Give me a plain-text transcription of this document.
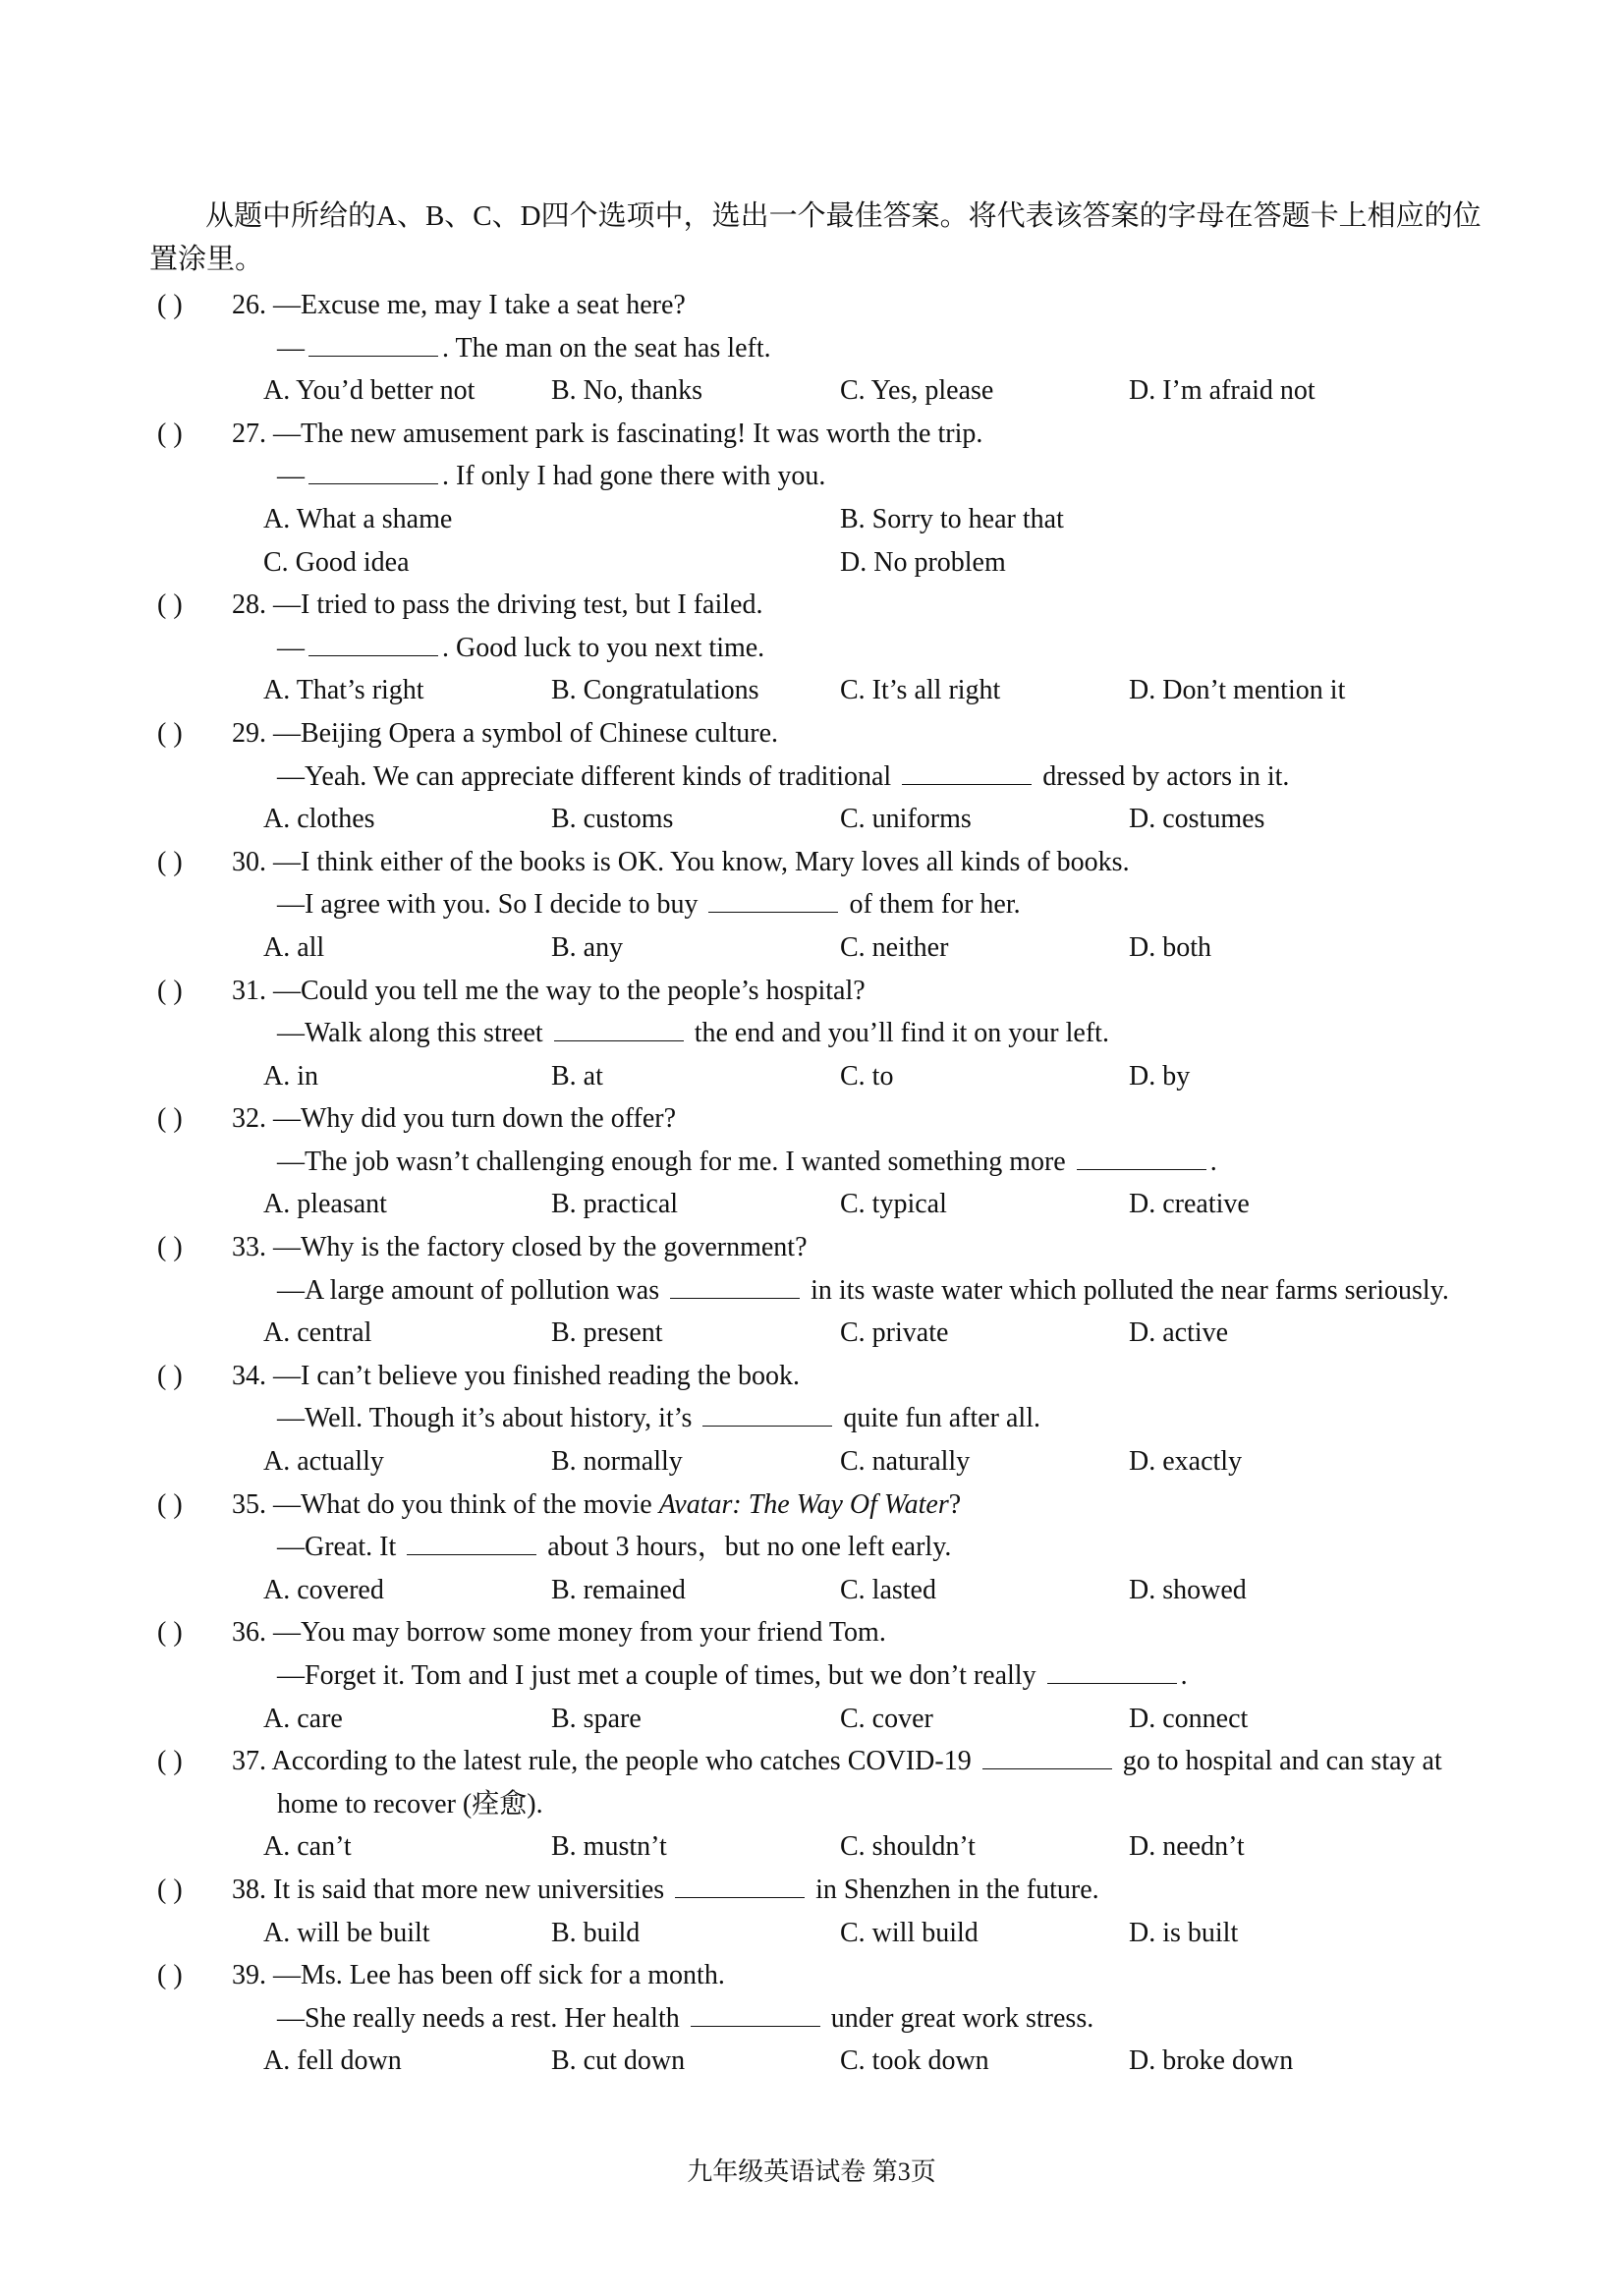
从题中所给的A、B、C、D四个选项中，选出一个最佳答案。将代表该答案的字母在答题卡上相应的位置涂里。
( ) 26. —Excuse me, may I take a seat here?
—	. The man on the seat has left.
A. You’d better not	B. No, thanks	C. Yes, please	D. I’m afraid not
( ) 27. —The new amusement park is fascinating! It was worth the trip.
—	. If only I had gone there with you.
A. What a shame	B. Sorry to hear that
C. Good idea	D. No problem
( ) 28. —I tried to pass the driving test, but I failed.
—	. Good luck to you next time.
A. That’s right	B. Congratulations	C. It’s all right	D. Don’t mention it
( ) 29. —Beijing Opera a symbol of Chinese culture.
—Yeah. We can appreciate different kinds of traditional	dressed by actors in it.
A. clothes	B. customs	C. uniforms	D. costumes
( ) 30. —I think either of the books is OK. You know, Mary loves all kinds of books.
—I agree with you. So I decide to buy	of them for her.
A. all	B. any	C. neither	D. both
( ) 31. —Could you tell me the way to the people’s hospital?
—Walk along this street	the end and you’ll find it on your left.
A. in	B. at	C. to	D. by
( ) 32. —Why did you turn down the offer?
—The job wasn’t challenging enough for me. I wanted something more	.
A. pleasant	B. practical	C. typical	D. creative
( ) 33. —Why is the factory closed by the government?
—A large amount of pollution was	in its waste water which polluted the near farms seriously.
A. central	B. present	C. private	D. active
( ) 34. —I can’t believe you finished reading the book.
—Well. Though it’s about history, it’s	quite fun after all.
A. actually	B. normally	C. naturally	D. exactly
( ) 35. —What do you think of the movie Avatar: The Way Of Water?
—Great. It	about 3 hours，but no one left early.
A. covered	B. remained	C. lasted	D. showed
( ) 36. —You may borrow some money from your friend Tom.
—Forget it. Tom and I just met a couple of times, but we don’t really	.
A. care	B. spare	C. cover	D. connect
( ) 37. According to the latest rule, the people who catches COVID-19	go to hospital and can stay at
home to recover (痊愈).
A. can’t	B. mustn’t	C. shouldn’t	D. needn’t
( ) 38. It is said that more new universities	in Shenzhen in the future.
A. will be built	B. build	C. will build	D. is built
( ) 39. —Ms. Lee has been off sick for a month.
—She really needs a rest. Her health	under great work stress.
A. fell down	B. cut down	C. took down	D. broke down
九年级英语试卷 第3页
